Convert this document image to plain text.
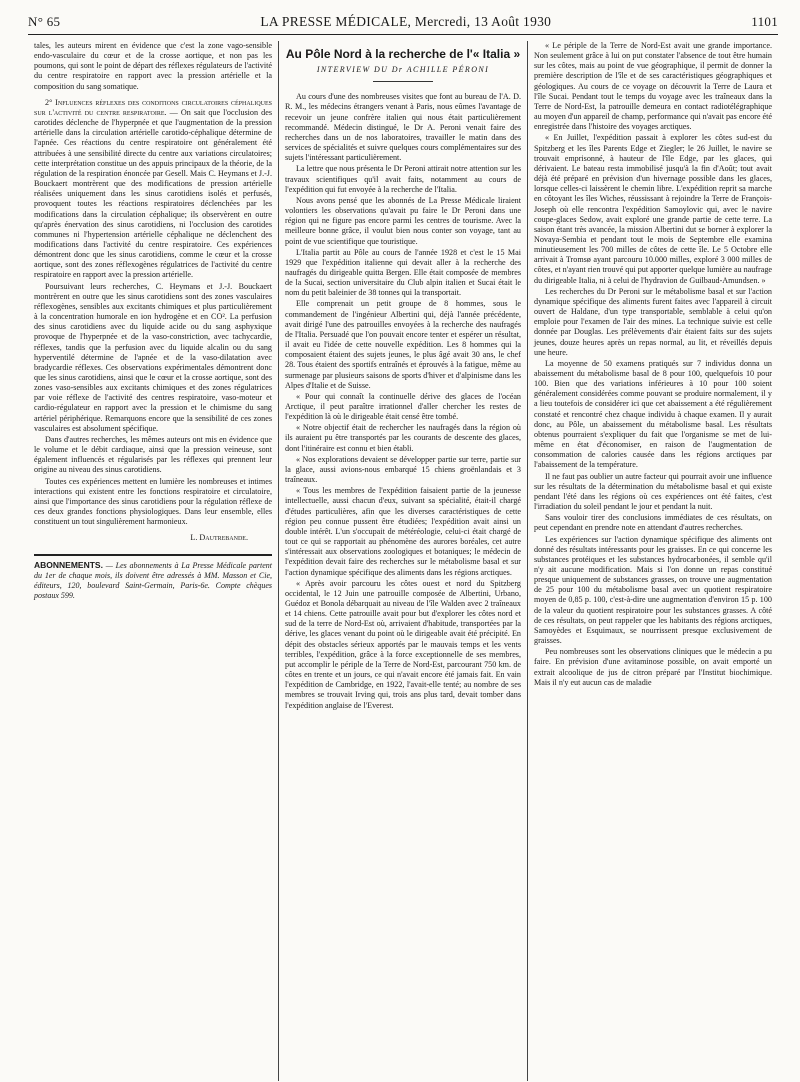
N° 65	LA PRESSE MÉDICALE, Mercredi, 13 Août 1930	1101

tales, les auteurs mirent en évidence que c'est la zone vago-sensible endo-vasculaire du cœur et de la crosse aortique, et non pas les poumons, qui sont le point de départ des réflexes régulateurs de l'activité du centre respiratoire en rapport avec la pression artérielle et la composition du sang somatique.

2° Influences réflexes des conditions circulatoires céphaliques sur l'activité du centre respiratoire. — On sait que l'occlusion des carotides déclenche de l'hyperpnée et que l'augmentation de la pression artérielle dans la circulation artérielle carotido-céphalique détermine de l'apnée. Ces réactions du centre respiratoire ont généralement été attribuées à une sensibilité directe du centre aux variations circulatoires; cette interprétation constitue un des appuis principaux de la théorie, de la régulation de la respiration énoncée par Gesell. Mais C. Heymans et J.-J. Bouckaert montrèrent que des modifications de pression artérielle réalisées uniquement dans les sinus carotidiens isolés et perfusés, provoquent toutes les réactions respiratoires déclenchées par les modifications dans la circulation céphalique; ils observèrent en outre qu'après énervation des sinus carotidiens, ni l'occlusion des carotides communes ni l'hypertension artérielle céphalique ne déclenchent des modifications dans l'activité du centre respiratoire. Ces expériences démontrent donc que les sinus carotidiens, comme le cœur et la crosse aortique, sont des zones réflexogènes régulatrices de l'activité du centre respiratoire en rapport avec la pression artérielle.

Poursuivant leurs recherches, C. Heymans et J.-J. Bouckaert montrèrent en outre que les sinus carotidiens sont des zones vasculaires réflexogènes, sensibles aux excitants chimiques et plus particulièrement à la concentration humorale en ion hydrogène et en CO². La perfusion des sinus carotidiens avec du liquide acide ou du sang asphyxique provoque de l'hyperpnée et de la vaso-constriction, avec tachycardie, réflexes, tandis que la perfusion avec du liquide alcalin ou du sang hyperventilé détermine de l'apnée et de la vaso-dilatation avec bradycardie réflexes. Ces observations expérimentales démontrent donc que les sinus carotidiens, ainsi que le cœur et la crosse aortique, sont des zones vaso-sensibles aux excitants chimiques et des zones régulatrices par voie réflexe de l'activité des centres respiratoire, vaso-moteur et cardio-régulateur en rapport avec la pression et le chimisme du sang artériel périphérique. Remarquons encore que la sensibilité de ces zones vasculaires est absolument spécifique.

Dans d'autres recherches, les mêmes auteurs ont mis en évidence que le volume et le débit cardiaque, ainsi que la pression veineuse, sont également influencés et régularisés par les réflexes qui prennent leur origine au niveau des sinus carotidiens.

Toutes ces expériences mettent en lumière les nombreuses et intimes interactions qui existent entre les fonctions respiratoire et circulatoire, ainsi que l'importance des sinus carotidiens pour la régulation réflexe de ces deux grandes fonctions physiologiques. Dans leur ensemble, elles constituent un tout singulièrement harmonieux.

L. Dautrebande.
ABONNEMENTS. — Les abonnements à La Presse Médicale partent du 1er de chaque mois, ils doivent être adressés à MM. Masson et Cie, éditeurs, 120, boulevard Saint-Germain, Paris-6e. Compte chèques postaux 599.
Au Pôle Nord à la recherche de l'« Italia »
INTERVIEW DU Dr ACHILLE PÉRONI

Au cours d'une des nombreuses visites que font au bureau de l'A. D. R. M., les médecins étrangers venant à Paris, nous eûmes l'avantage de recevoir un jeune confrère italien qui nous était particulièrement recommandé. Médecin distingué, le Dr A. Peroni venait faire des recherches dans un de nos laboratoires, travailler le matin dans des services de spécialités et suivre quelques cours complémentaires sur des sujets l'intéressant particulièrement.

La lettre que nous présenta le Dr Peroni attirait notre attention sur les travaux scientifiques qu'il avait faits, notamment au cours de l'expédition qui fut envoyée à la recherche de l'Italia.

Nous avons pensé que les abonnés de La Presse Médicale liraient volontiers les observations qu'avait pu faire le Dr Peroni dans une région qui ne figure pas encore parmi les centres de tourisme. Avec la meilleure bonne grâce, il voulut bien nous conter son voyage, tant au point de vue scientifique que touristique.

L'Italia partit au Pôle au cours de l'année 1928 et c'est le 15 Mai 1929 que l'expédition italienne qui devait aller à la recherche des naufragés du dirigeable quitta Bergen. Elle était composée de membres de la Sucai, section universitaire du Club alpin italien et Sucai était le nom du petit baleinier de 38 tonnes qui la transportait.

Elle comprenait un petit groupe de 8 hommes, sous le commandement de l'ingénieur Albertini qui, déjà l'année précédente, avait dirigé l'une des patrouilles envoyées à la recherche des naufragés de l'Italia. Persuadé que l'on pouvait encore tenter et espérer un résultat, il avait eu l'idée de cette nouvelle expédition. Les 8 hommes qui la composaient étaient des sujets jeunes, le plus âgé avait 30 ans, le chef 28. Tous étaient des sportifs entraînés et éprouvés à la fatigue, même au surmenage par plusieurs saisons de sports d'hiver et d'alpinisme dans les Alpes d'Italie et de Suisse.

« Pour qui connaît la continuelle dérive des glaces de l'océan Arctique, il peut paraître irrationnel d'aller chercher les restes de l'expédition là où le dirigeable était censé être tombé.

« Notre objectif était de rechercher les naufragés dans la région où ils auraient pu être transportés par les courants de descente des glaces, dont l'itinéraire est connu et bien établi.

« Nos explorations devaient se développer partie sur terre, partie sur la glace, aussi avions-nous embarqué 15 chiens groënlandais et 3 traîneaux.

« Tous les membres de l'expédition faisaient partie de la jeunesse intellectuelle, aussi chacun d'eux, suivant sa spécialité, était-il chargé d'études particulières, afin que les diverses caractéristiques de cette région peu connue pussent être étudiées; l'expédition avait ainsi un double intérêt. L'un s'occupait de météréologie, celui-ci était chargé de tout ce qui se rapportait au phénomène des aurores boréales, cet autre s'intéressait aux observations zoologiques et botaniques; le médecin de l'expédition devait faire des recherches sur le métabolisme basal et sur l'action dynamique spécifique des aliments dans les régions arctiques.

« Après avoir parcouru les côtes ouest et nord du Spitzberg occidental, le 12 Juin une patrouille composée de Albertini, Urbano, Guédoz et Bonola débarquait au niveau de l'île Walden avec 2 traîneaux et 14 chiens. Cette patrouille avait pour but d'explorer les côtes nord et sud de la terre de Nord-Est où, arrivaient d'habitude, transportées par la dérive, les glaces venant du point où le dirigeable avait été précipité. En dépit des obstacles sérieux apportés par le mauvais temps et les vents terribles, l'expédition, grâce à la force exceptionnelle de ses membres, put accomplir le périple de la Terre de Nord-Est, parcourant 750 km. de côtes en trente et un jours, ce qui n'avait encore été jamais fait. En vain l'expédition de Cambridge, en 1922, l'avait-elle tenté; au nombre de ses membres se trouvait Irving qui, trois ans plus tard, devait tomber dans l'expédition anglaise de l'Everest.

« Le périple de la Terre de Nord-Est avait une grande importance. Non seulement grâce à lui on put constater l'absence de tout être humain sur les côtes, mais au point de vue géographique, il permit de donner la première description de l'île et de ses caractéristiques géographiques et géologiques. Au cours de ce voyage on découvrit la Terre de Laura et l'île Sucai. Pendant tout le temps du voyage avec les traîneaux dans la Terre de Nord-Est, la patrouille demeura en contact radiotélégraphique au moyen d'un appareil de champ, performance qui n'avait pas encore été enregistrée dans l'histoire des voyages arctiques.

« En Juillet, l'expédition passait à explorer les côtes sud-est du Spitzberg et les îles Parents Edge et Ziegler; le 26 Juillet, le navire se trouvait emprisonné, à hauteur de l'île Edge, par les glaces, qui dérivaient. Le bateau resta immobilisé jusqu'à la fin d'Août; tout avait déjà été préparé en prévision d'un hivernage possible dans les glaces, lorsque celles-ci laissèrent le chemin libre. L'expédition reprit sa marche en côtoyant les îles Wiches, réussissant à rejoindre la Terre de François-Joseph où elle rencontra l'expédition Samoylovic qui, avec le navire coupe-glaces Sedow, avait exploré une grande partie de cette terre. La saison étant très avancée, la mission Albertini dut se borner à explorer la Novaya-Sembia et pendant tout le mois de Septembre elle examina minutieusement les 700 milles de côtes de cette île. Le 5 Octobre elle arrivait à Tromsø ayant parcouru 10.000 milles, exploré 3 000 milles de côtes, et n'ayant rien trouvé qui put apporter quelque lumière au naufrage du dirigeable Italia, ni à celui de l'hydravion de Guilbaud-Amundsen. »

Les recherches du Dr Peroni sur le métabolisme basal et sur l'action dynamique spécifique des aliments furent faites avec l'appareil à circuit ouvert de Haldane, d'un type transportable, semblable à celui qu'on emploie pour l'examen de l'air des mines. La technique suivie est celle donnée par Douglas. Les prélèvements d'air étaient faits sur des sujets jeunes, douze heures après un repas normal, au lit, et réveillés depuis une heure.

La moyenne de 50 examens pratiqués sur 7 individus donna un abaissement du métabolisme basal de 8 pour 100, quelquefois 10 pour 100. Bien que des variations inférieures à 10 pour 100 soient généralement considérées comme pouvant se produire normalement, il y a lieu toutefois de considérer ici que cet abaissement a été régulièrement constaté et rencontré chez chaque individu à chaque examen. Il y aurait donc, au Pôle, un abaissement du métabolisme basal. Les résultats obtenus pourraient s'expliquer du fait que l'organisme se met de lui-même en état d'économiser, en raison de l'augmentation de consommation de calories causée dans les régions arctiques par l'abaissement de la température.

Il ne faut pas oublier un autre facteur qui pourrait avoir une influence sur les résultats de la détermination du métabolisme basal et qui existe pendant l'été dans les régions où ces expériences ont été faites, c'est l'irradiation du soleil pendant le jour et pendant la nuit.

Sans vouloir tirer des conclusions immédiates de ces résultats, on peut cependant en prendre note en attendant d'autres recherches.

Les expériences sur l'action dynamique spécifique des aliments ont donné des résultats intéressants pour les graisses. En ce qui concerne les substances protéiques et les substances hydrocarbonées, il semble qu'il n'y ait aucune modification. Mais si l'on donne un repas constitué presque uniquement de substances grasses, on trouve une augmentation de 25 pour 100 du métabolisme basal avec un quotient respiratoire moyen de 0,85 p. 100, c'est-à-dire une augmentation d'environ 15 p. 100 de la valeur du quotient respiratoire pour les substances grasses. A côté de ces résultats, on peut rappeler que les habitants des régions arctiques, Samoyèdes et Esquimaux, se nourrissent presque exclusivement de graisses.

Peu nombreuses sont les observations cliniques que le médecin a pu faire. En prévision d'une avitaminose possible, on avait emporté un extrait alcoolique de jus de citron préparé par l'Institut biochimique. Mais il n'y eut aucun cas de maladie
